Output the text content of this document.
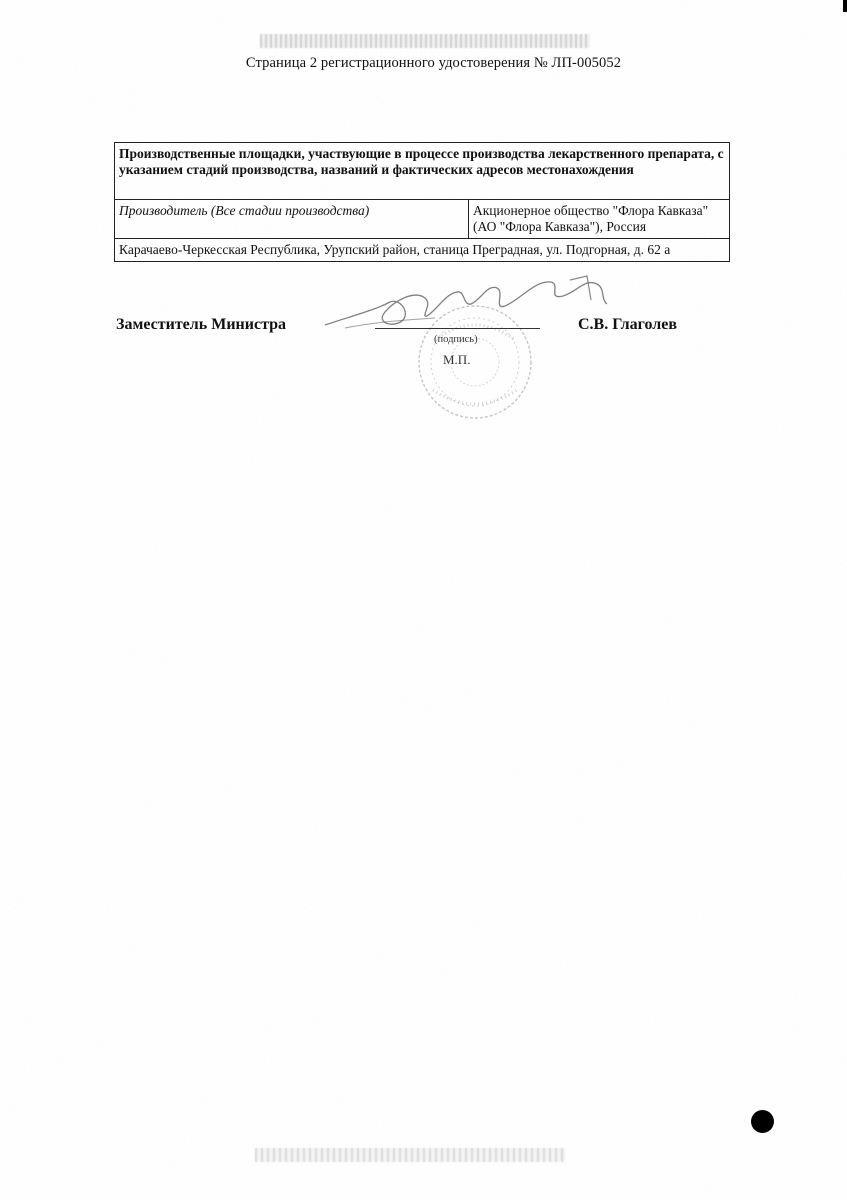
Страница 2 регистрационного удостоверения № ЛП-005052
Производственные площадки, участвующие в процессе производства лекарственного препарата, с указанием стадий производства, названий и фактических адресов местонахождения
Производитель (Все стадии производства)	Акционерное общество "Флора Кавказа"
(АО "Флора Кавказа"), Россия

Карачаево-Черкесская Республика, Урупский район, станица Преградная, ул. Подгорная, д. 62 а
Заместитель Министра
(подпись)
М.П.
С.В. Глаголев
